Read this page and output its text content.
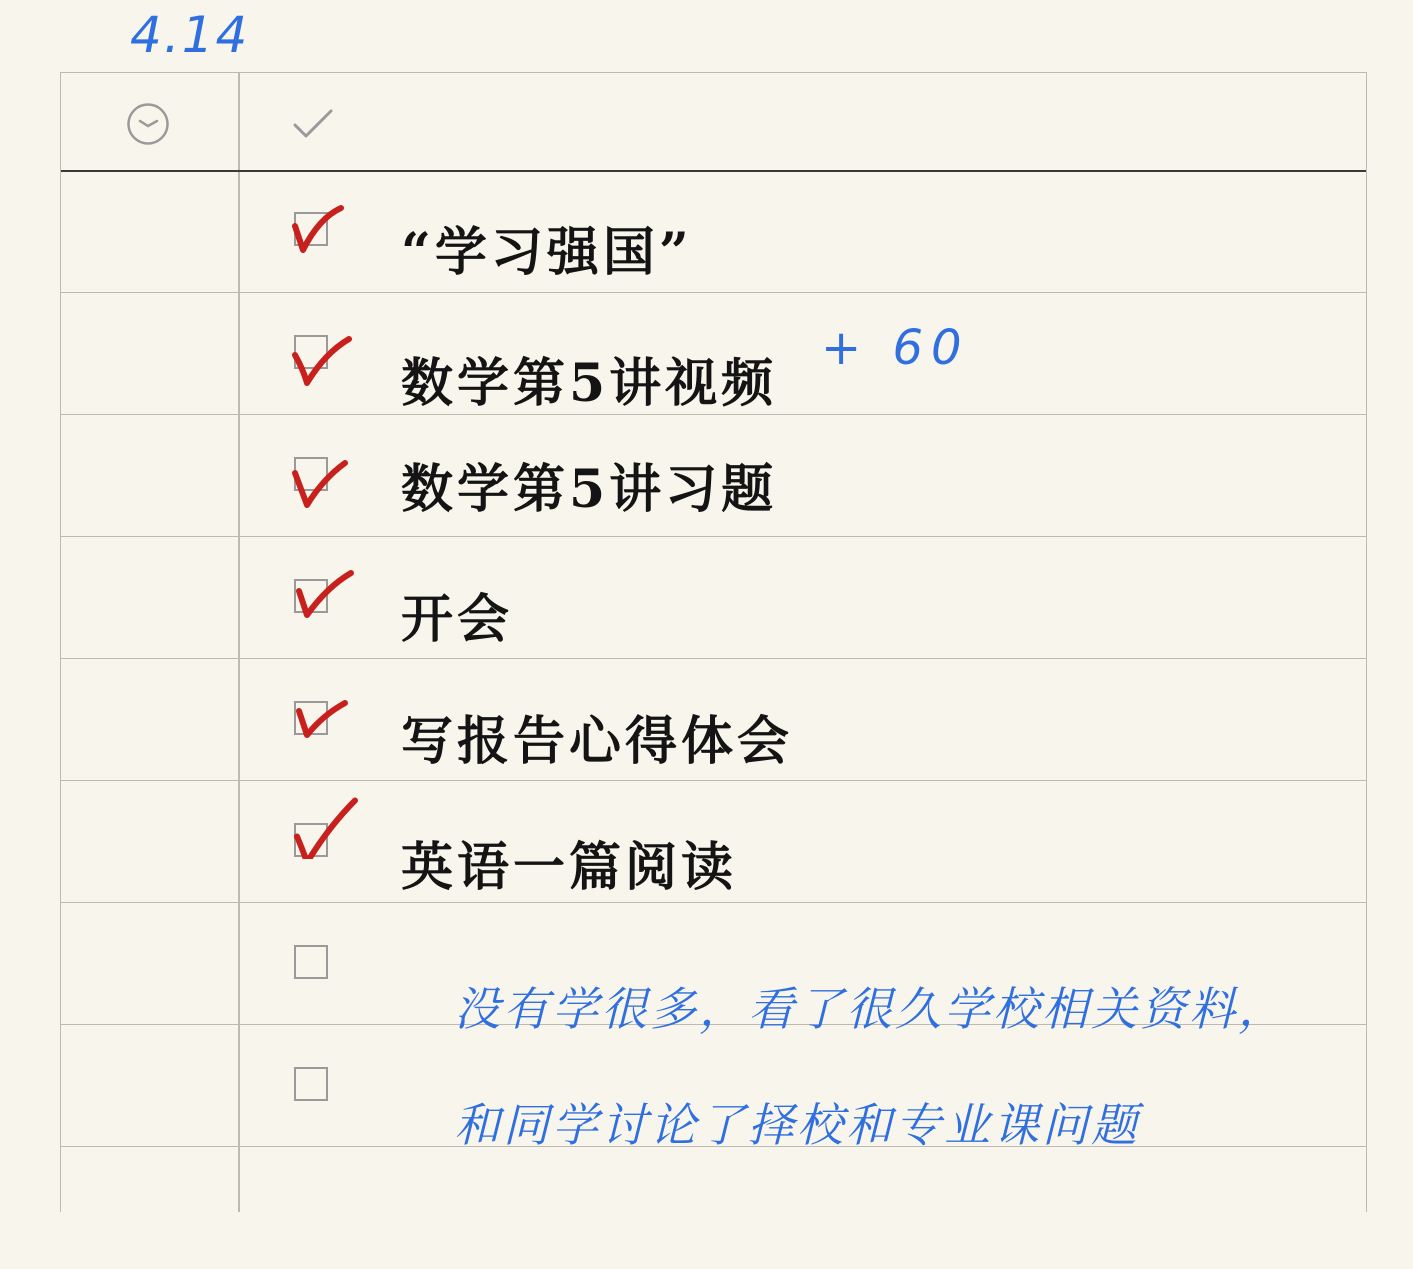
4.14
“学习强国”
+ 60
数学第5讲视频
数学第5讲习题
开会
写报告心得体会
英语一篇阅读
没有学很多，看了很久学校相关资料，
和同学讨论了择校和专业课问题
